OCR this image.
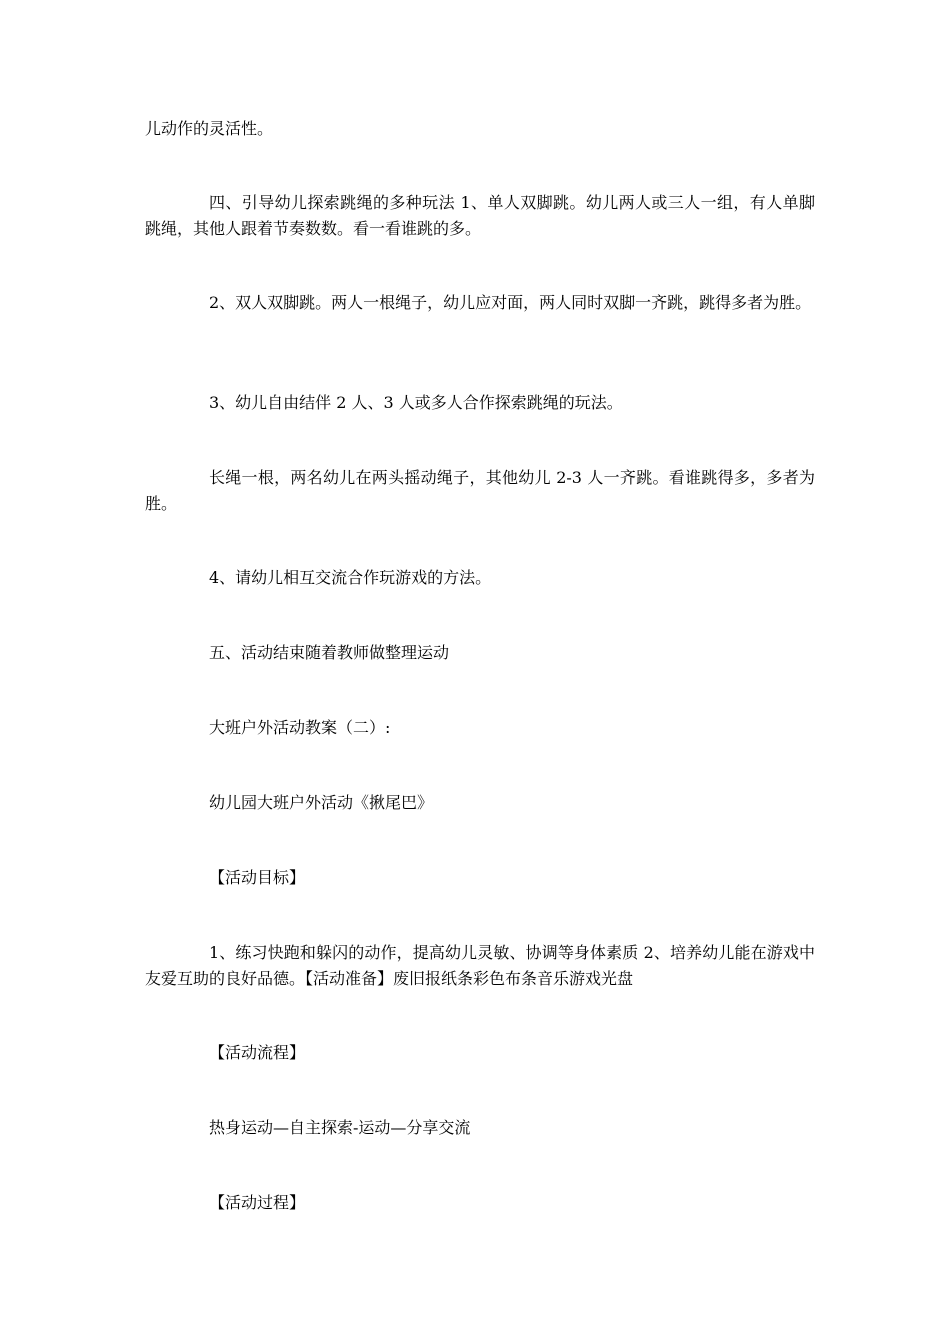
儿动作的灵活性。

四、引导幼儿探索跳绳的多种玩法 1、单人双脚跳。幼儿两人或三人一组，有人单脚跳绳，其他人跟着节奏数数。看一看谁跳的多。

2、双人双脚跳。两人一根绳子，幼儿应对面，两人同时双脚一齐跳，跳得多者为胜。

3、幼儿自由结伴 2 人、3 人或多人合作探索跳绳的玩法。

长绳一根，两名幼儿在两头摇动绳子，其他幼儿 2-3 人一齐跳。看谁跳得多，多者为胜。

4、请幼儿相互交流合作玩游戏的方法。

五、活动结束随着教师做整理运动

大班户外活动教案（二）:

幼儿园大班户外活动《揪尾巴》

【活动目标】

1、练习快跑和躲闪的动作，提高幼儿灵敏、协调等身体素质 2、培养幼儿能在游戏中友爱互助的良好品德。【活动准备】废旧报纸条彩色布条音乐游戏光盘

【活动流程】

热身运动—自主探索-运动—分享交流

【活动过程】
